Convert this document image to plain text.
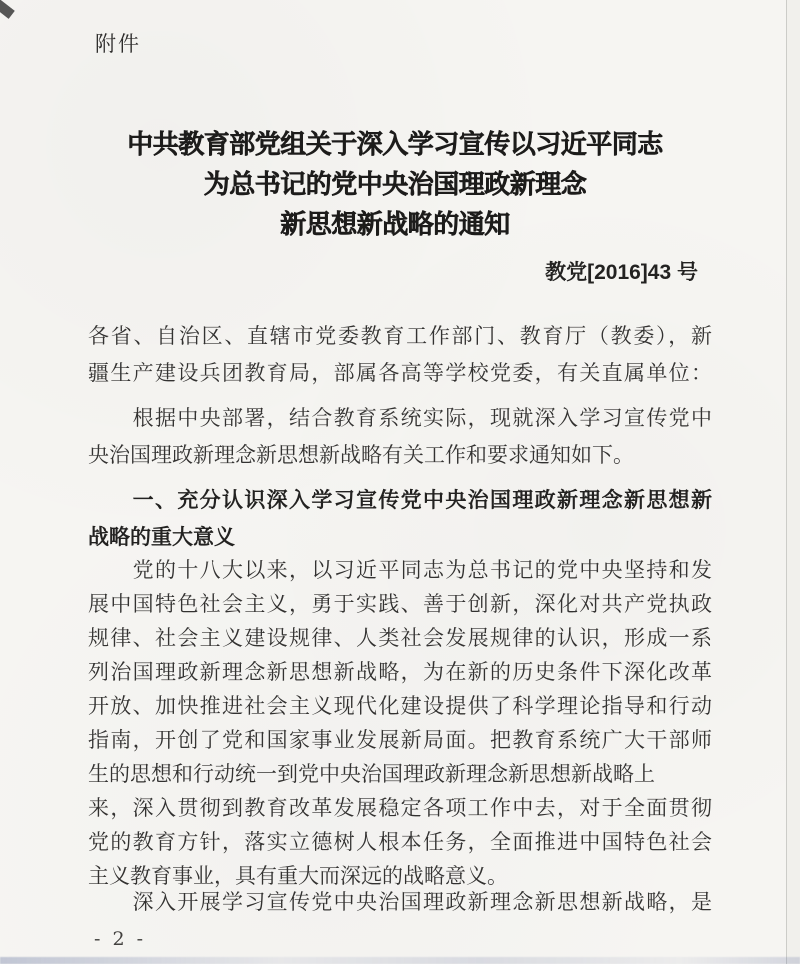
附件
中共教育部党组关于深入学习宣传以习近平同志
为总书记的党中央治国理政新理念
新思想新战略的通知
教党[2016]43 号
各省、自治区、直辖市党委教育工作部门、教育厅（教委），新
疆生产建设兵团教育局，部属各高等学校党委，有关直属单位：
　　根据中央部署，结合教育系统实际，现就深入学习宣传党中
央治国理政新理念新思想新战略有关工作和要求通知如下。
　　一、充分认识深入学习宣传党中央治国理政新理念新思想新
战略的重大意义
　　党的十八大以来，以习近平同志为总书记的党中央坚持和发
展中国特色社会主义，勇于实践、善于创新，深化对共产党执政
规律、社会主义建设规律、人类社会发展规律的认识，形成一系
列治国理政新理念新思想新战略，为在新的历史条件下深化改革
开放、加快推进社会主义现代化建设提供了科学理论指导和行动
指南，开创了党和国家事业发展新局面。把教育系统广大干部师
生的思想和行动统一到党中央治国理政新理念新思想新战略上
来，深入贯彻到教育改革发展稳定各项工作中去，对于全面贯彻
党的教育方针，落实立德树人根本任务，全面推进中国特色社会
主义教育事业，具有重大而深远的战略意义。
　　深入开展学习宣传党中央治国理政新理念新思想新战略，是
- 2 -
